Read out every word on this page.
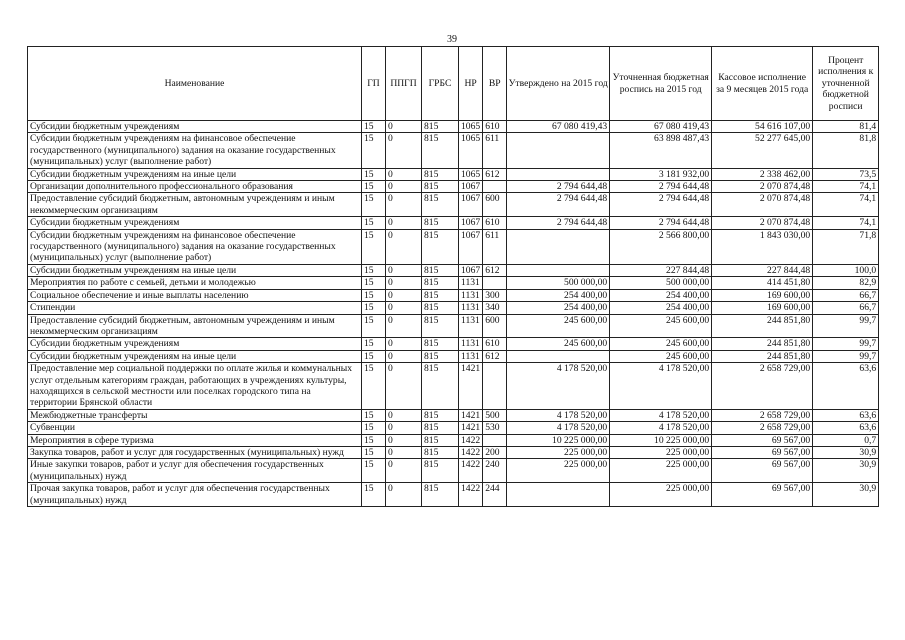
39
Наименование	ГП	ППГП	ГРБС	НР	ВР	Утверждено на 2015 год	Уточненная бюджетная роспись на 2015 год	Кассовое исполнение за 9 месяцев 2015 года	Процент исполнения к уточненной бюджетной росписи
Субсидии бюджетным учреждениям	15	0	815	1065	610	67 080 419,43	67 080 419,43	54 616 107,00	81,4
Субсидии бюджетным учреждениям на финансовое обеспечение государственного (муниципального) задания на оказание государственных (муниципальных) услуг (выполнение работ)	15	0	815	1065	611		63 898 487,43	52 277 645,00	81,8
Субсидии бюджетным учреждениям на иные цели	15	0	815	1065	612		3 181 932,00	2 338 462,00	73,5
Организации дополнительного профессионального образования	15	0	815	1067		2 794 644,48	2 794 644,48	2 070 874,48	74,1
Предоставление субсидий бюджетным, автономным учреждениям и иным некоммерческим организациям	15	0	815	1067	600	2 794 644,48	2 794 644,48	2 070 874,48	74,1
Субсидии бюджетным учреждениям	15	0	815	1067	610	2 794 644,48	2 794 644,48	2 070 874,48	74,1
Субсидии бюджетным учреждениям на финансовое обеспечение государственного (муниципального) задания на оказание государственных (муниципальных) услуг (выполнение работ)	15	0	815	1067	611		2 566 800,00	1 843 030,00	71,8
Субсидии бюджетным учреждениям на иные цели	15	0	815	1067	612		227 844,48	227 844,48	100,0
Мероприятия по работе с семьей, детьми и молодежью	15	0	815	1131		500 000,00	500 000,00	414 451,80	82,9
Социальное обеспечение и иные выплаты населению	15	0	815	1131	300	254 400,00	254 400,00	169 600,00	66,7
Стипендии	15	0	815	1131	340	254 400,00	254 400,00	169 600,00	66,7
Предоставление субсидий бюджетным, автономным учреждениям и иным некоммерческим организациям	15	0	815	1131	600	245 600,00	245 600,00	244 851,80	99,7
Субсидии бюджетным учреждениям	15	0	815	1131	610	245 600,00	245 600,00	244 851,80	99,7
Субсидии бюджетным учреждениям на иные цели	15	0	815	1131	612		245 600,00	244 851,80	99,7
Предоставление мер социальной поддержки по оплате жилья и коммунальных услуг отдельным категориям граждан, работающих в учреждениях культуры, находящихся в сельской местности или поселках городского типа на территории Брянской области	15	0	815	1421		4 178 520,00	4 178 520,00	2 658 729,00	63,6
Межбюджетные трансферты	15	0	815	1421	500	4 178 520,00	4 178 520,00	2 658 729,00	63,6
Субвенции	15	0	815	1421	530	4 178 520,00	4 178 520,00	2 658 729,00	63,6
Мероприятия в сфере туризма	15	0	815	1422		10 225 000,00	10 225 000,00	69 567,00	0,7
Закупка товаров, работ и услуг для государственных (муниципальных) нужд	15	0	815	1422	200	225 000,00	225 000,00	69 567,00	30,9
Иные закупки товаров, работ и услуг для обеспечения государственных (муниципальных) нужд	15	0	815	1422	240	225 000,00	225 000,00	69 567,00	30,9
Прочая закупка товаров, работ и услуг для обеспечения государственных (муниципальных) нужд	15	0	815	1422	244		225 000,00	69 567,00	30,9
